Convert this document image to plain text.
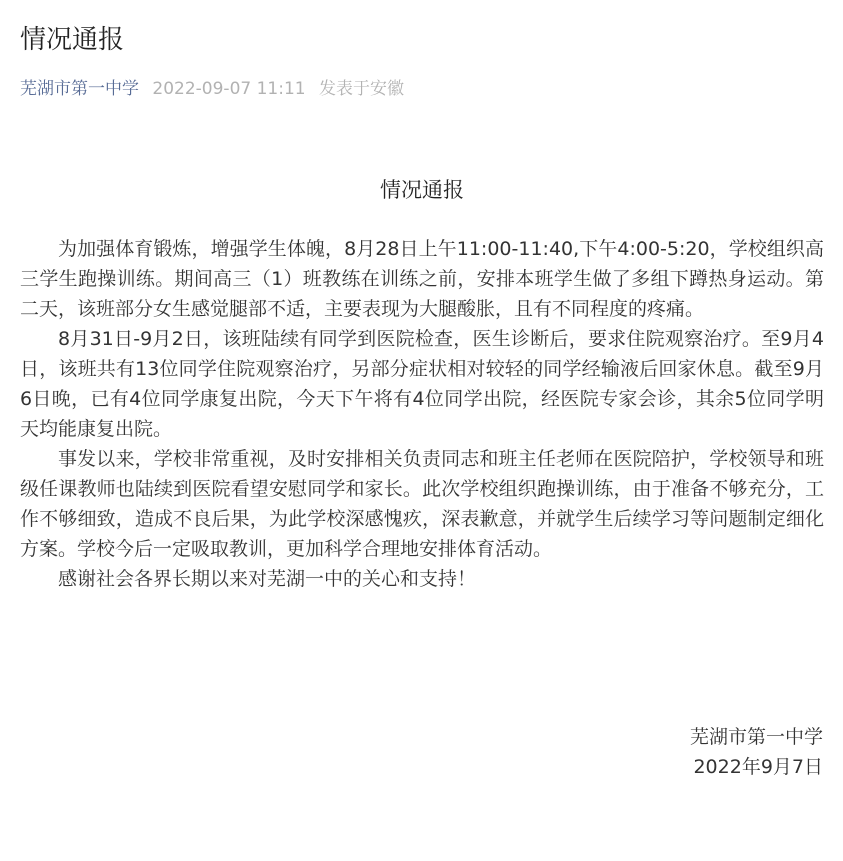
情况通报
芜湖市第一中学 2022-09-07 11:11 发表于安徽
情况通报

为加强体育锻炼，增强学生体魄，8月28日上午11:00-11:40,下午4:00-5:20，学校组织高三学生跑操训练。期间高三（1）班教练在训练之前，安排本班学生做了多组下蹲热身运动。第二天，该班部分女生感觉腿部不适，主要表现为大腿酸胀，且有不同程度的疼痛。

8月31日-9月2日，该班陆续有同学到医院检查，医生诊断后，要求住院观察治疗。至9月4日，该班共有13位同学住院观察治疗，另部分症状相对较轻的同学经输液后回家休息。截至9月6日晚，已有4位同学康复出院，今天下午将有4位同学出院，经医院专家会诊，其余5位同学明天均能康复出院。

事发以来，学校非常重视，及时安排相关负责同志和班主任老师在医院陪护，学校领导和班级任课教师也陆续到医院看望安慰同学和家长。此次学校组织跑操训练，由于准备不够充分，工作不够细致，造成不良后果，为此学校深感愧疚，深表歉意，并就学生后续学习等问题制定细化方案。学校今后一定吸取教训，更加科学合理地安排体育活动。

感谢社会各界长期以来对芜湖一中的关心和支持！

芜湖市第一中学
2022年9月7日
